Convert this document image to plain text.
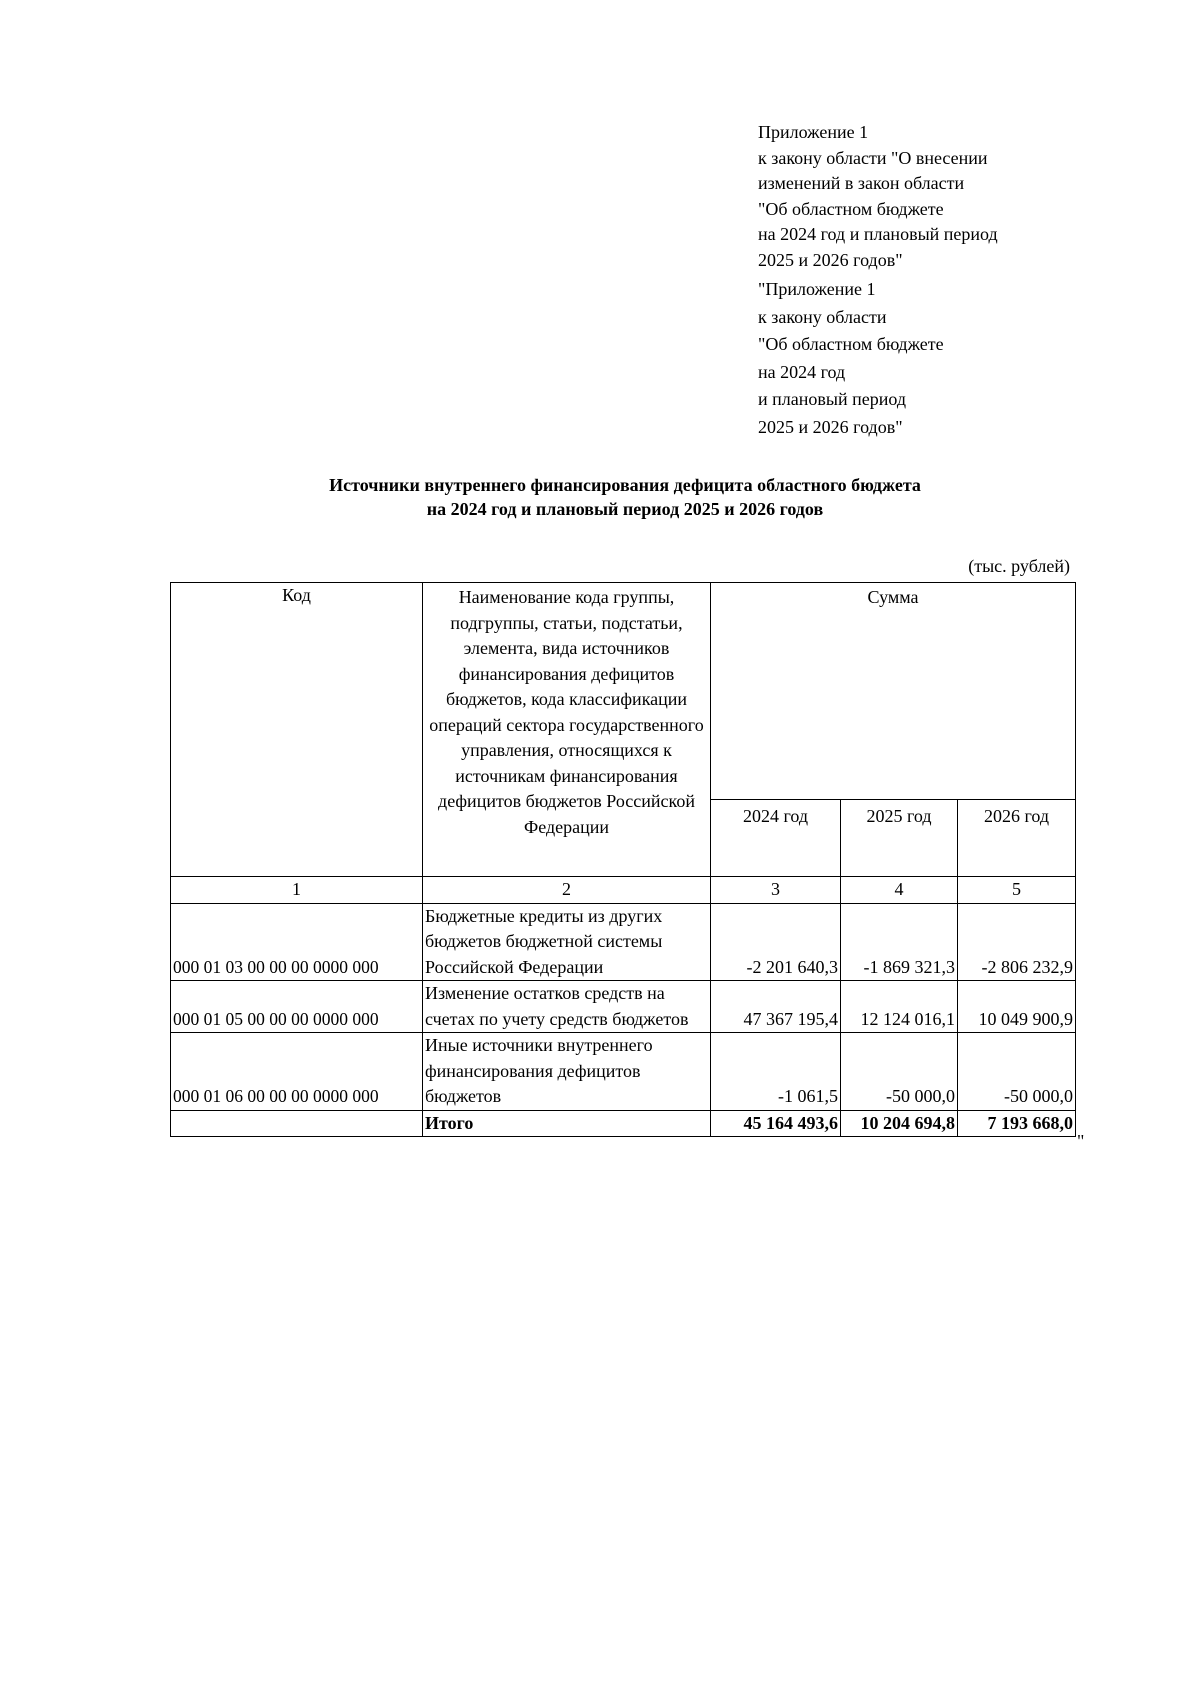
Приложение 1
к закону области "О внесении
изменений в закон области
"Об областном бюджете
на 2024 год и плановый период
2025 и 2026 годов"
"Приложение 1
к закону области
"Об областном бюджете
на 2024 год
и плановый период
2025 и 2026 годов"
Источники внутреннего финансирования дефицита областного бюджета
на 2024 год и плановый период 2025 и 2026 годов
(тыс. рублей)
Код	Наименование кода группы, подгруппы, статьи, подстатьи, элемента, вида источников финансирования дефицитов бюджетов, кода классификации операций сектора государственного управления, относящихся к источникам финансирования дефицитов бюджетов Российской Федерации	Сумма		
		2024 год	2025 год	2026 год
1	2	3	4	5
000 01 03 00 00 00 0000 000	Бюджетные кредиты из других бюджетов бюджетной системы Российской Федерации	-2 201 640,3	-1 869 321,3	-2 806 232,9
000 01 05 00 00 00 0000 000	Изменение остатков средств на счетах по учету средств бюджетов	47 367 195,4	12 124 016,1	10 049 900,9
000 01 06 00 00 00 0000 000	Иные источники внутреннего финансирования дефицитов бюджетов	-1 061,5	-50 000,0	-50 000,0
	Итого	45 164 493,6	10 204 694,8	7 193 668,0
"
